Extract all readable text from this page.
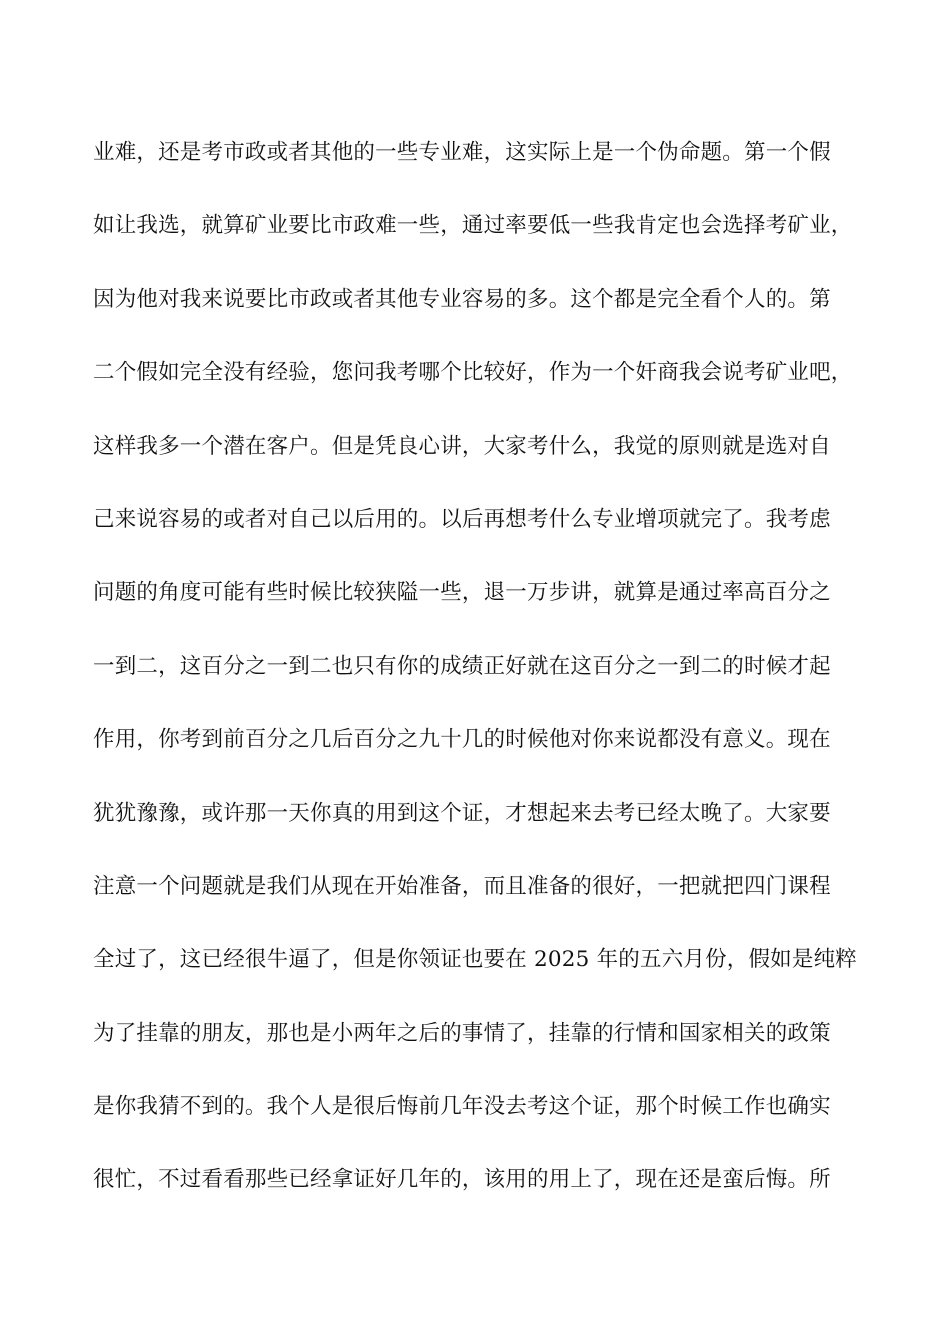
业难，还是考市政或者其他的一些专业难，这实际上是一个伪命题。第一个假
如让我选，就算矿业要比市政难一些，通过率要低一些我肯定也会选择考矿业，
因为他对我来说要比市政或者其他专业容易的多。这个都是完全看个人的。第
二个假如完全没有经验，您问我考哪个比较好，作为一个奸商我会说考矿业吧，
这样我多一个潜在客户。但是凭良心讲，大家考什么，我觉的原则就是选对自
己来说容易的或者对自己以后用的。以后再想考什么专业增项就完了。我考虑
问题的角度可能有些时候比较狭隘一些，退一万步讲，就算是通过率高百分之
一到二，这百分之一到二也只有你的成绩正好就在这百分之一到二的时候才起
作用，你考到前百分之几后百分之九十几的时候他对你来说都没有意义。现在
犹犹豫豫，或许那一天你真的用到这个证，才想起来去考已经太晚了。大家要
注意一个问题就是我们从现在开始准备，而且准备的很好，一把就把四门课程
全过了，这已经很牛逼了，但是你领证也要在 2025 年的五六月份，假如是纯粹
为了挂靠的朋友，那也是小两年之后的事情了，挂靠的行情和国家相关的政策
是你我猜不到的。我个人是很后悔前几年没去考这个证，那个时候工作也确实
很忙，不过看看那些已经拿证好几年的，该用的用上了，现在还是蛮后悔。所
